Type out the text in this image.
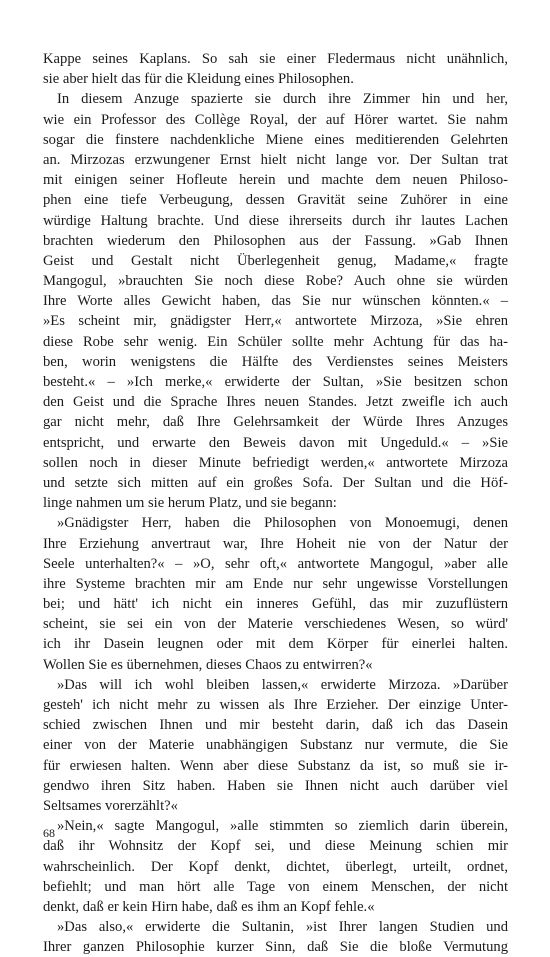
Kappe seines Kaplans. So sah sie einer Fledermaus nicht unähnlich,
sie aber hielt das für die Kleidung eines Philosophen.
In diesem Anzuge spazierte sie durch ihre Zimmer hin und her,
wie ein Professor des Collège Royal, der auf Hörer wartet. Sie nahm
sogar die finstere nachdenkliche Miene eines meditierenden Gelehrten
an. Mirzozas erzwungener Ernst hielt nicht lange vor. Der Sultan trat
mit einigen seiner Hofleute herein und machte dem neuen Philoso-
phen eine tiefe Verbeugung, dessen Gravität seine Zuhörer in eine
würdige Haltung brachte. Und diese ihrerseits durch ihr lautes Lachen
brachten wiederum den Philosophen aus der Fassung. »Gab Ihnen
Geist und Gestalt nicht Überlegenheit genug, Madame,« fragte
Mangogul, »brauchten Sie noch diese Robe? Auch ohne sie würden
Ihre Worte alles Gewicht haben, das Sie nur wünschen könnten.« –
»Es scheint mir, gnädigster Herr,« antwortete Mirzoza, »Sie ehren
diese Robe sehr wenig. Ein Schüler sollte mehr Achtung für das ha-
ben, worin wenigstens die Hälfte des Verdienstes seines Meisters
besteht.« – »Ich merke,« erwiderte der Sultan, »Sie besitzen schon
den Geist und die Sprache Ihres neuen Standes. Jetzt zweifle ich auch
gar nicht mehr, daß Ihre Gelehrsamkeit der Würde Ihres Anzuges
entspricht, und erwarte den Beweis davon mit Ungeduld.« – »Sie
sollen noch in dieser Minute befriedigt werden,« antwortete Mirzoza
und setzte sich mitten auf ein großes Sofa. Der Sultan und die Höf-
linge nahmen um sie herum Platz, und sie begann:
»Gnädigster Herr, haben die Philosophen von Monoemugi, denen
Ihre Erziehung anvertraut war, Ihre Hoheit nie von der Natur der
Seele unterhalten?« – »O, sehr oft,« antwortete Mangogul, »aber alle
ihre Systeme brachten mir am Ende nur sehr ungewisse Vorstellungen
bei; und hätt' ich nicht ein inneres Gefühl, das mir zuzuflüstern
scheint, sie sei ein von der Materie verschiedenes Wesen, so würd'
ich ihr Dasein leugnen oder mit dem Körper für einerlei halten.
Wollen Sie es übernehmen, dieses Chaos zu entwirren?«
»Das will ich wohl bleiben lassen,« erwiderte Mirzoza. »Darüber
gesteh' ich nicht mehr zu wissen als Ihre Erzieher. Der einzige Unter-
schied zwischen Ihnen und mir besteht darin, daß ich das Dasein
einer von der Materie unabhängigen Substanz nur vermute, die Sie
für erwiesen halten. Wenn aber diese Substanz da ist, so muß sie ir-
gendwo ihren Sitz haben. Haben sie Ihnen nicht auch darüber viel
Seltsames vorerzählt?«
»Nein,« sagte Mangogul, »alle stimmten so ziemlich darin überein,
daß ihr Wohnsitz der Kopf sei, und diese Meinung schien mir
wahrscheinlich. Der Kopf denkt, dichtet, überlegt, urteilt, ordnet,
befiehlt; und man hört alle Tage von einem Menschen, der nicht
denkt, daß er kein Hirn habe, daß es ihm an Kopf fehle.«
»Das also,« erwiderte die Sultanin, »ist Ihrer langen Studien und
Ihrer ganzen Philosophie kurzer Sinn, daß Sie die bloße Vermutung
68
